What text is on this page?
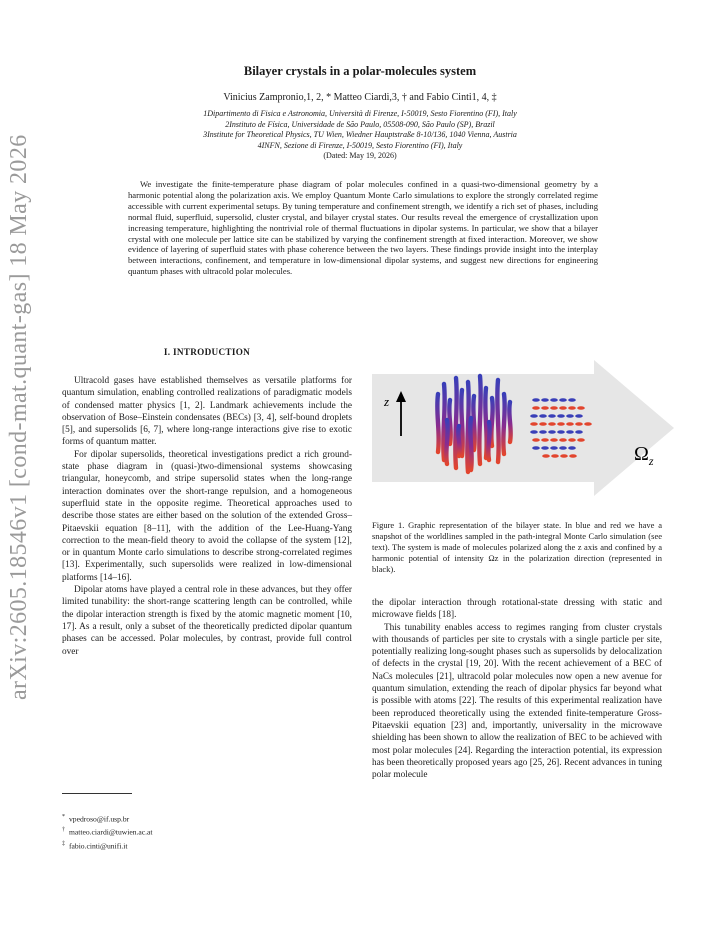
arXiv:2605.18546v1 [cond-mat.quant-gas] 18 May 2026
Bilayer crystals in a polar-molecules system
Vinicius Zampronio,1, 2, * Matteo Ciardi,3, † and Fabio Cinti1, 4, ‡
1Dipartimento di Fisica e Astronomia, Università di Firenze, I-50019, Sesto Fiorentino (FI), Italy
2Instituto de Física, Universidade de São Paulo, 05508-090, São Paulo (SP), Brazil
3Institute for Theoretical Physics, TU Wien, Wiedner Hauptstraße 8-10/136, 1040 Vienna, Austria
4INFN, Sezione di Firenze, I-50019, Sesto Fiorentino (FI), Italy
(Dated: May 19, 2026)

We investigate the finite-temperature phase diagram of polar molecules confined in a quasi-two-dimensional geometry by a harmonic potential along the polarization axis. We employ Quantum Monte Carlo simulations to explore the strongly correlated regime accessible with current experimental setups. By tuning temperature and confinement strength, we identify a rich set of phases, including normal fluid, superfluid, supersolid, cluster crystal, and bilayer crystal states. Our results reveal the emergence of crystallization upon increasing temperature, highlighting the nontrivial role of thermal fluctuations in dipolar systems. In particular, we show that a bilayer crystal with one molecule per lattice site can be stabilized by varying the confinement strength at fixed interaction. Moreover, we show evidence of layering of superfluid states with phase coherence between the two layers. These findings provide insight into the interplay between interactions, confinement, and temperature in low-dimensional dipolar systems, and suggest new directions for engineering quantum phases with ultracold polar molecules.

I. INTRODUCTION

Ultracold gases have established themselves as versatile platforms for quantum simulation, enabling controlled realizations of paradigmatic models of condensed matter physics [1, 2]. Landmark achievements include the observation of Bose–Einstein condensates (BECs) [3, 4], self-bound droplets [5], and supersolids [6, 7], where long-range interactions give rise to exotic forms of quantum matter.

For dipolar supersolids, theoretical investigations predict a rich ground-state phase diagram in (quasi-)two-dimensional systems showcasing triangular, honeycomb, and stripe supersolid states when the long-range interaction dominates over the short-range repulsion, and a homogeneous superfluid state in the opposite regime. Theoretical approaches used to describe those states are either based on the solution of the extended Gross–Pitaevskii equation [8–11], with the addition of the Lee-Huang-Yang correction to the mean-field theory to avoid the collapse of the system [12], or in quantum Monte carlo simulations to describe strong-correlated regimes [13]. Experimentally, such supersolids were realized in low-dimensional platforms [14–16].

Dipolar atoms have played a central role in these advances, but they offer limited tunability: the short-range scattering length can be controlled, while the dipolar interaction strength is fixed by the atomic magnetic moment [10, 17]. As a result, only a subset of the theoretically predicted dipolar quantum phases can be accessed. Polar molecules, by contrast, provide full control over

* vpedroso@if.usp.br
† matteo.ciardi@tuwien.ac.at
‡ fabio.cinti@unifi.it
z
$\Omega_z$
Figure 1. Graphic representation of the bilayer state. In blue and red we have a snapshot of the worldlines sampled in the path-integral Monte Carlo simulation (see text). The system is made of molecules polarized along the z axis and confined by a harmonic potential of intensity Ωz in the polarization direction (represented in black).

the dipolar interaction through rotational-state dressing with static and microwave fields [18].

This tunability enables access to regimes ranging from cluster crystals with thousands of particles per site to crystals with a single particle per site, potentially realizing long-sought phases such as supersolids by delocalization of defects in the crystal [19, 20]. With the recent achievement of a BEC of NaCs molecules [21], ultracold polar molecules now open a new avenue for quantum simulation, extending the reach of dipolar physics far beyond what is possible with atoms [22]. The results of this experimental realization have been reproduced theoretically using the extended finite-temperature Gross-Pitaevskii equation [23] and, importantly, universality in the microwave shielding has been shown to allow the realization of BEC to be achieved with most polar molecules [24]. Regarding the interaction potential, its expression has been theoretically proposed years ago [25, 26]. Recent advances in tuning polar molecule
